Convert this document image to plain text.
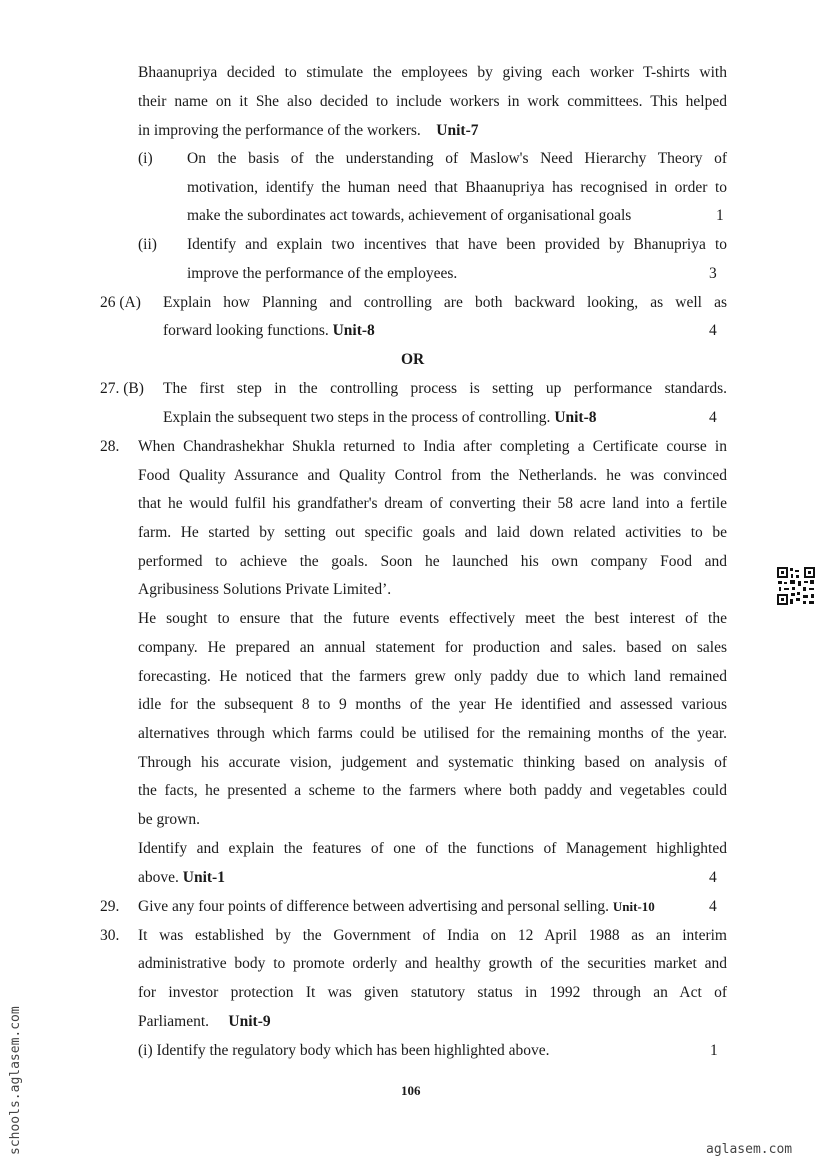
Bhaanupriya decided to stimulate the employees by giving each worker T-shirts with
their name on it She also decided to include workers in work committees. This helped
in improving the performance of the workers. Unit-7
(i) On the basis of the understanding of Maslow's Need Hierarchy Theory of
motivation, identify the human need that Bhaanupriya has recognised in order to
make the subordinates act towards, achievement of organisational goals	1
(ii) Identify and explain two incentives that have been provided by Bhanupriya to
improve the performance of the employees.	3
26 (A) Explain how Planning and controlling are both backward looking, as well as
forward looking functions. Unit-8	4
OR
27. (B) The first step in the controlling process is setting up performance standards.
Explain the subsequent two steps in the process of controlling. Unit-8	4
28. When Chandrashekhar Shukla returned to India after completing a Certificate course in
Food Quality Assurance and Quality Control from the Netherlands. he was convinced
that he would fulfil his grandfather's dream of converting their 58 acre land into a fertile
farm. He started by setting out specific goals and laid down related activities to be
performed to achieve the goals. Soon he launched his own company Food and
Agribusiness Solutions Private Limited’.
He sought to ensure that the future events effectively meet the best interest of the
company. He prepared an annual statement for production and sales. based on sales
forecasting. He noticed that the farmers grew only paddy due to which land remained
idle for the subsequent 8 to 9 months of the year He identified and assessed various
alternatives through which farms could be utilised for the remaining months of the year.
Through his accurate vision, judgement and systematic thinking based on analysis of
the facts, he presented a scheme to the farmers where both paddy and vegetables could
be grown.
Identify and explain the features of one of the functions of Management highlighted
above. Unit-1	4
29. Give any four points of difference between advertising and personal selling. Unit-10	4
30. It was established by the Government of India on 12 April 1988 as an interim
administrative body to promote orderly and healthy growth of the securities market and
for investor protection It was given statutory status in 1992 through an Act of
Parliament. Unit-9
(i) Identify the regulatory body which has been highlighted above.	1
106
schools.aglasem.com	aglasem.com
